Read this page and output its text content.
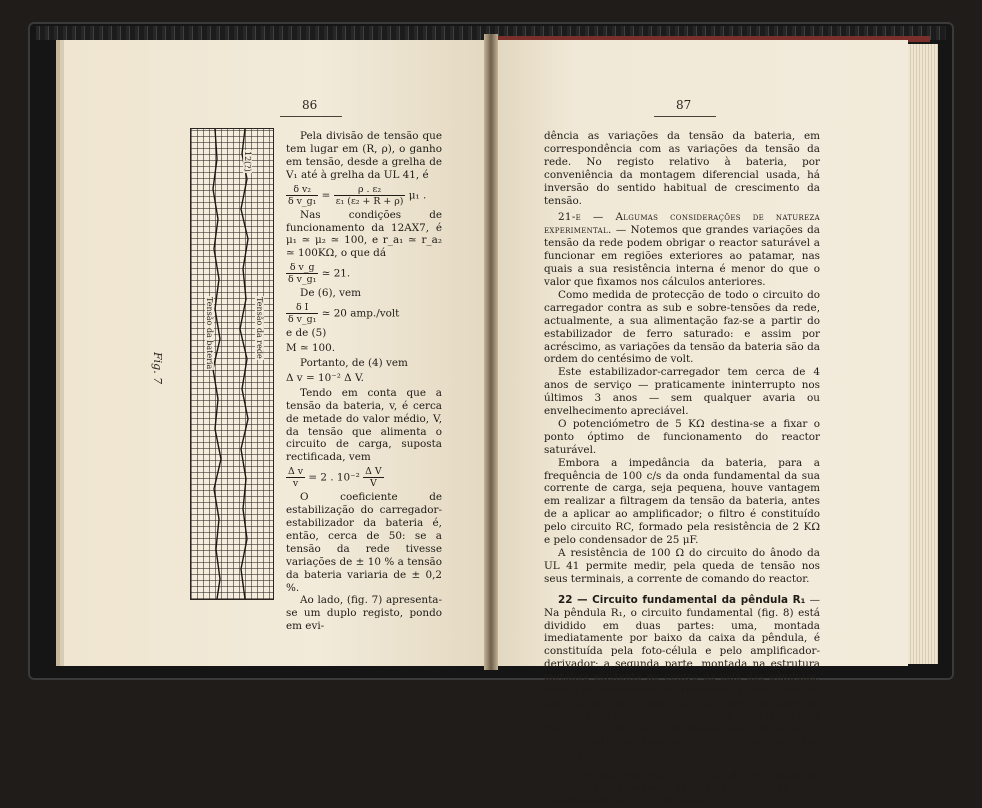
86
Tensão da rede
Tensão da bateria
12(?)
Fig. 7

Pela divisão de tensão que tem lugar em (R, ρ), o ganho em tensão, desde a grelha de V₁ até à grelha da UL 41, é

$\frac{\text{δ v₂}}{\text{δ v\_g₁}} = \frac{\text{ρ . ε₂}}{\text{ε₁ (ε₂ + R + ρ)}} \mu_1$ .

Nas condições de funcionamento da 12AX7, é μ₁ ≃ μ₂ ≃ 100, e r_a₁ ≃ r_a₂ ≃ 100KΩ, o que dá

$\frac{\text{δ v\_g}}{\text{δ v\_g₁}}$ ≃ 21.

De (6), vem

$\frac{\text{δ I}}{\text{δ v\_g₁}}$ ≃ 20 amp./volt

e de (5)

M ≃ 100.

Portanto, de (4) vem

Δ v = 10⁻² Δ V.

Tendo em conta que a tensão da bateria, v, é cerca de metade do valor médio, V, da tensão que alimenta o circuito de carga, suposta rectificada, vem

$\frac{\text{Δ v}}{v} = 2$ . $10^{-2} \frac{\text{Δ V}}{V}$

O coeficiente de estabilização do carregador-estabilizador da bateria é, então, cerca de 50: se a tensão da rede tivesse variações de ± 10 % a tensão da bateria variaria de ± 0,2 %.

Ao lado, (fig. 7) apresenta-se um duplo registo, pondo em evi-

87

dência as variações da tensão da bateria, em correspondência com as variações da tensão da rede. No registo relativo à bateria, por conveniência da montagem diferencial usada, há inversão do sentido habitual de crescimento da tensão.

21-e — Algumas considerações de natureza experimental. — Notemos que grandes variações da tensão da rede podem obrigar o reactor saturável a funcionar em regiões exteriores ao patamar, nas quais a sua resistência interna é menor do que o valor que fixamos nos cálculos anteriores.

Como medida de protecção de todo o circuito do carregador contra as sub e sobre-tensões da rede, actualmente, a sua alimentação faz-se a partir do estabilizador de ferro saturado: e assim por acréscimo, as variações da tensão da bateria são da ordem do centésimo de volt.

Este estabilizador-carregador tem cerca de 4 anos de serviço — praticamente ininterrupto nos últimos 3 anos — sem qualquer avaria ou envelhecimento apreciável.

O potenciómetro de 5 KΩ destina-se a fixar o ponto óptimo de funcionamento do reactor saturável.

Embora a impedância da bateria, para a frequência de 100 c/s da onda fundamental da sua corrente de carga, seja pequena, houve vantagem em realizar a filtragem da tensão da bateria, antes de a aplicar ao amplificador; o filtro é constituído pelo circuito RC, formado pela resistência de 2 KΩ e pelo condensador de 25 μF.

A resistência de 100 Ω do circuito do ânodo da UL 41 permite medir, pela queda de tensão nos seus terminais, a corrente de comando do reactor.

22 — Circuito fundamental da pêndula R₁ — Na pêndula R₁, o circuito fundamental (fig. 8) está dividido em duas partes: uma, montada imediatamente por baixo da caixa da pêndula, é constituída pela foto-célula e pelo amplificador-derivador; a segunda parte, montada na estrutura metálica existente no centro da sala das pêndulas, consta do disparador-discriminador de impulsos, do distribuidor de sinais, do relé dos impulsos de conservação e respectivos circuitos associados e da fonte de carga do condensador dos impulsos. A ligação entre as duas partes faz-se por um cabo blindado.

Célula foto-eléctrica — A luz de excitação da foto-célula provém de uma lâmpada de incandescência, com filamento
